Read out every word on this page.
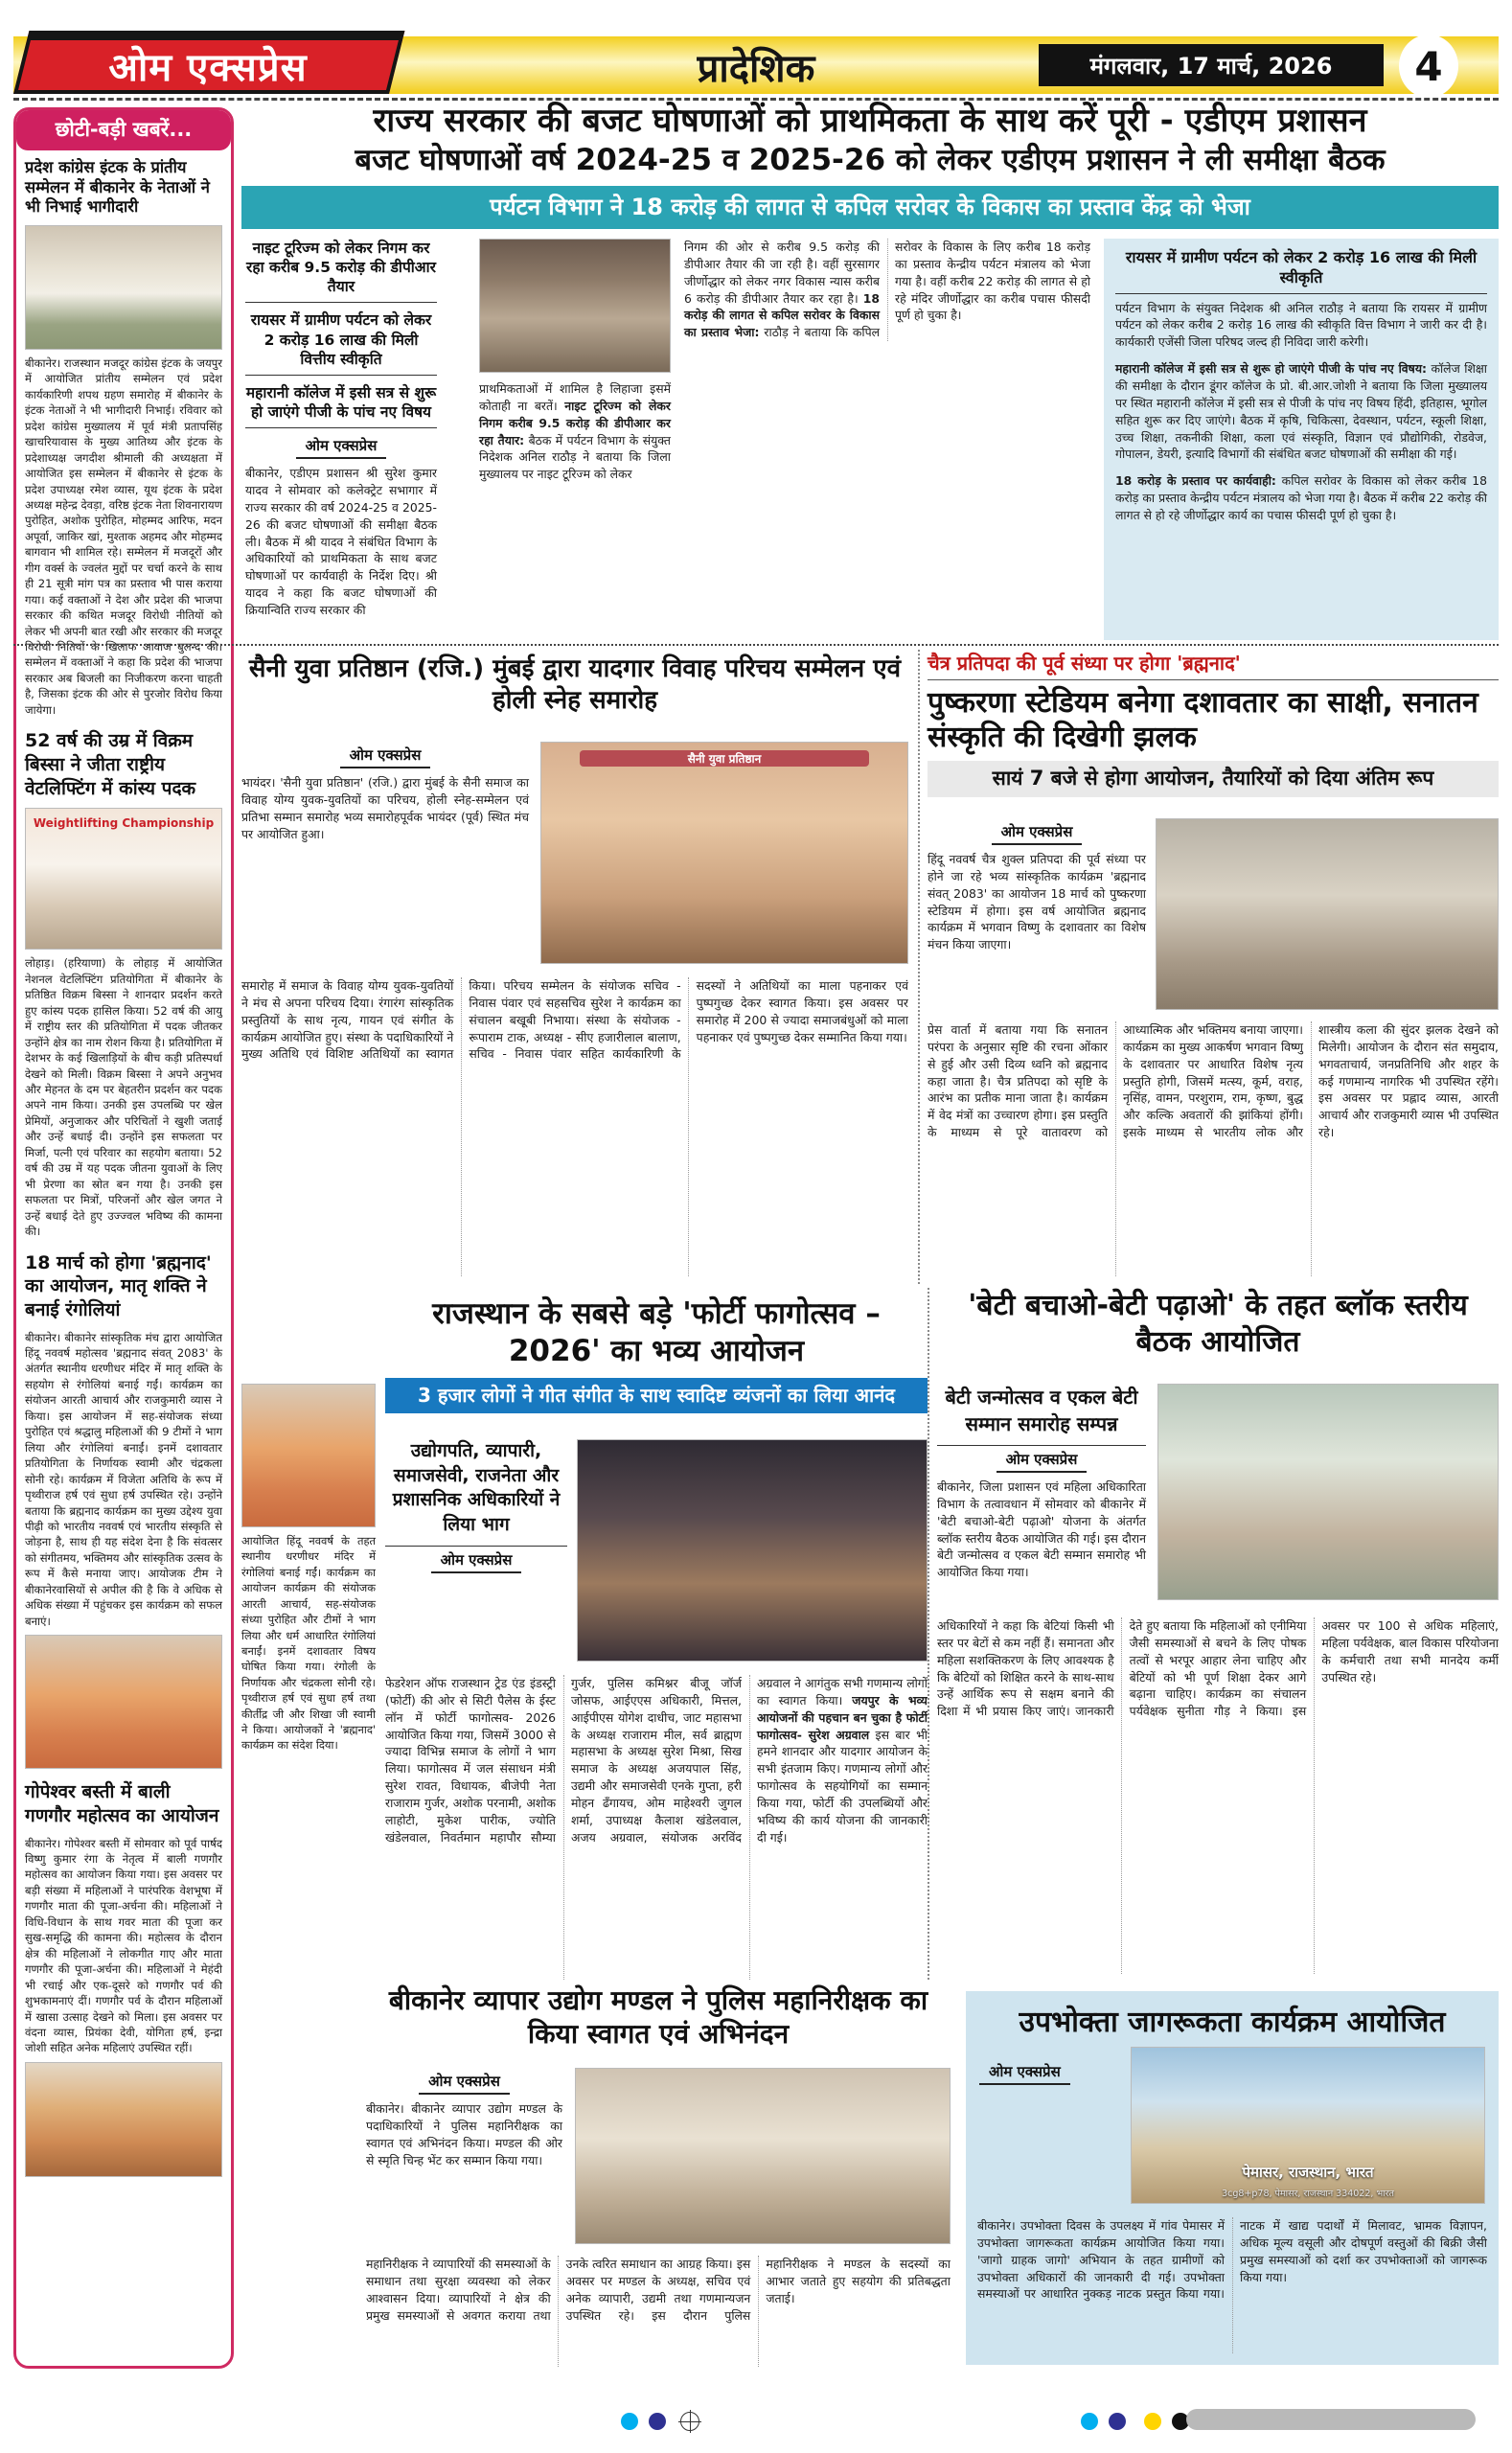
प्रादेशिक
ओम एक्सप्रेस	मंगलवार, 17 मार्च, 2026	4
छोटी-बड़ी खबरें...
प्रदेश कांग्रेस इंटक के प्रांतीय सम्मेलन में बीकानेर के नेताओं ने भी निभाई भागीदारी
बीकानेर। राजस्थान मजदूर कांग्रेस इंटक के जयपुर में आयोजित प्रांतीय सम्मेलन एवं प्रदेश कार्यकारिणी शपथ ग्रहण समारोह में बीकानेर के इंटक नेताओं ने भी भागीदारी निभाई। रविवार को प्रदेश कांग्रेस मुख्यालय में पूर्व मंत्री प्रतापसिंह खाचरियावास के मुख्य आतिथ्य और इंटक के प्रदेशाध्यक्ष जगदीश श्रीमाली की अध्यक्षता में आयोजित इस सम्मेलन में बीकानेर से इंटक के प्रदेश उपाध्यक्ष रमेश व्यास, यूथ इंटक के प्रदेश अध्यक्ष महेन्द्र देवड़ा, वरिष्ठ इंटक नेता शिवनारायण पुरोहित, अशोक पुरोहित, मोहम्मद आरिफ, मदन अपूर्वा, जाकिर खां, मुश्ताक अहमद और मोहम्मद बागवान भी शामिल रहे। सम्मेलन में मजदूरों और गीग वर्क्स के ज्वलंत मुद्दों पर चर्चा करने के साथ ही 21 सूत्री मांग पत्र का प्रस्ताव भी पास कराया गया। कई वक्ताओं ने देश और प्रदेश की भाजपा सरकार की कथित मजदूर विरोधी नीतियों को लेकर भी अपनी बात रखी और सरकार की मजदूर विरोधी नितियों के खिलाफ आवाज बुलन्द की। सम्मेलन में वक्ताओं ने कहा कि प्रदेश की भाजपा सरकार अब बिजली का निजीकरण करना चाहती है, जिसका इंटक की ओर से पुरजोर विरोध किया जायेगा।
52 वर्ष की उम्र में विक्रम बिस्सा ने जीता राष्ट्रीय वेटलिफ्टिंग में कांस्य पदक
Weightlifting Championship
लोहाड़। (हरियाणा) के लोहाड़ में आयोजित नेशनल वेटलिफ्टिंग प्रतियोगिता में बीकानेर के प्रतिष्ठित विक्रम बिस्सा ने शानदार प्रदर्शन करते हुए कांस्य पदक हासिल किया। 52 वर्ष की आयु में राष्ट्रीय स्तर की प्रतियोगिता में पदक जीतकर उन्होंने क्षेत्र का नाम रोशन किया है। प्रतियोगिता में देशभर के कई खिलाड़ियों के बीच कड़ी प्रतिस्पर्धा देखने को मिली। विक्रम बिस्सा ने अपने अनुभव और मेहनत के दम पर बेहतरीन प्रदर्शन कर पदक अपने नाम किया। उनकी इस उपलब्धि पर खेल प्रेमियों, अनुजाकर और परिचितों ने खुशी जताई और उन्हें बधाई दी। उन्होंने इस सफलता पर मिर्जा, पत्नी एवं परिवार का सहयोग बताया। 52 वर्ष की उम्र में यह पदक जीतना युवाओं के लिए भी प्रेरणा का स्रोत बन गया है। उनकी इस सफलता पर मित्रों, परिजनों और खेल जगत ने उन्हें बधाई देते हुए उज्ज्वल भविष्य की कामना की।
18 मार्च को होगा 'ब्रह्मनाद' का आयोजन, मातृ शक्ति ने बनाई रंगोलियां
बीकानेर। बीकानेर सांस्कृतिक मंच द्वारा आयोजित हिंदू नववर्ष महोत्सव 'ब्रह्मनाद संवत् 2083' के अंतर्गत स्थानीय धरणीधर मंदिर में मातृ शक्ति के सहयोग से रंगोलियां बनाई गईं। कार्यक्रम का संयोजन आरती आचार्य और राजकुमारी व्यास ने किया। इस आयोजन में सह-संयोजक संध्या पुरोहित एवं श्रद्धालु महिलाओं की 9 टीमों ने भाग लिया और रंगोलियां बनाईं। इनमें दशावतार प्रतियोगिता के निर्णायक स्वामी और चंद्रकला सोनी रहे। कार्यक्रम में विजेता अतिथि के रूप में पृथ्वीराज हर्ष एवं सुधा हर्ष उपस्थित रहे। उन्होंने बताया कि ब्रह्मनाद कार्यक्रम का मुख्य उद्देश्य युवा पीढ़ी को भारतीय नववर्ष एवं भारतीय संस्कृति से जोड़ना है, साथ ही यह संदेश देना है कि संवत्सर को संगीतमय, भक्तिमय और सांस्कृतिक उत्सव के रूप में कैसे मनाया जाए। आयोजक टीम ने बीकानेरवासियों से अपील की है कि वे अधिक से अधिक संख्या में पहुंचकर इस कार्यक्रम को सफल बनाएं।
गोपेश्वर बस्ती में बाली गणगौर महोत्सव का आयोजन
बीकानेर। गोपेश्वर बस्ती में सोमवार को पूर्व पार्षद विष्णु कुमार रंगा के नेतृत्व में बाली गणगौर महोत्सव का आयोजन किया गया। इस अवसर पर बड़ी संख्या में महिलाओं ने पारंपरिक वेशभूषा में गणगौर माता की पूजा-अर्चना की। महिलाओं ने विधि-विधान के साथ गवर माता की पूजा कर सुख-समृद्धि की कामना की। महोत्सव के दौरान क्षेत्र की महिलाओं ने लोकगीत गाए और माता गणगौर की पूजा-अर्चना की। महिलाओं ने मेहंदी भी रचाई और एक-दूसरे को गणगौर पर्व की शुभकामनाएं दीं। गणगौर पर्व के दौरान महिलाओं में खासा उत्साह देखने को मिला। इस अवसर पर वंदना व्यास, प्रियंका देवी, योगिता हर्ष, इन्द्रा जोशी सहित अनेक महिलाएं उपस्थित रहीं।
राज्य सरकार की बजट घोषणाओं को प्राथमिकता के साथ करें पूरी - एडीएम प्रशासन
बजट घोषणाओं वर्ष 2024-25 व 2025-26 को लेकर एडीएम प्रशासन ने ली समीक्षा बैठक
पर्यटन विभाग ने 18 करोड़ की लागत से कपिल सरोवर के विकास का प्रस्ताव केंद्र को भेजा
नाइट टूरिज्म को लेकर निगम कर रहा करीब 9.5 करोड़ की डीपीआर तैयार
रायसर में ग्रामीण पर्यटन को लेकर 2 करोड़ 16 लाख की मिली वित्तीय स्वीकृति
महारानी कॉलेज में इसी सत्र से शुरू हो जाएंगे पीजी के पांच नए विषय
ओम एक्सप्रेस

बीकानेर, एडीएम प्रशासन श्री सुरेश कुमार यादव ने सोमवार को कलेक्ट्रेट सभागार में राज्य सरकार की वर्ष 2024-25 व 2025-26 की बजट घोषणाओं की समीक्षा बैठक ली। बैठक में श्री यादव ने संबंधित विभाग के अधिकारियों को प्राथमिकता के साथ बजट घोषणाओं पर कार्यवाही के निर्देश दिए। श्री यादव ने कहा कि बजट घोषणाओं की क्रियान्विति राज्य सरकार की

प्राथमिकताओं में शामिल है लिहाजा इसमें कोताही ना बरतें। नाइट टूरिज्म को लेकर निगम करीब 9.5 करोड़ की डीपीआर कर रहा तैयार: बैठक में पर्यटन विभाग के संयुक्त निदेशक अनिल राठौड़ ने बताया कि जिला मुख्यालय पर नाइट टूरिज्म को लेकर

निगम की ओर से करीब 9.5 करोड़ की डीपीआर तैयार की जा रही है। वहीं सुरसागर जीर्णोद्धार को लेकर नगर विकास न्यास करीब 6 करोड़ की डीपीआर तैयार कर रहा है। 18 करोड़ की लागत से कपिल सरोवर के विकास का प्रस्ताव भेजा: राठौड़ ने बताया कि कपिल सरोवर के विकास के लिए करीब 18 करोड़ का प्रस्ताव केन्द्रीय पर्यटन मंत्रालय को भेजा गया है। वहीं करीब 22 करोड़ की लागत से हो रहे मंदिर जीर्णोद्धार का करीब पचास फीसदी पूर्ण हो चुका है।

रायसर में ग्रामीण पर्यटन को लेकर 2 करोड़ 16 लाख की मिली स्वीकृति

पर्यटन विभाग के संयुक्त निदेशक श्री अनिल राठौड़ ने बताया कि रायसर में ग्रामीण पर्यटन को लेकर करीब 2 करोड़ 16 लाख की स्वीकृति वित्त विभाग ने जारी कर दी है। कार्यकारी एजेंसी जिला परिषद जल्द ही निविदा जारी करेगी।

महारानी कॉलेज में इसी सत्र से शुरू हो जाएंगे पीजी के पांच नए विषय: कॉलेज शिक्षा की समीक्षा के दौरान डूंगर कॉलेज के प्रो. बी.आर.जोशी ने बताया कि जिला मुख्यालय पर स्थित महारानी कॉलेज में इसी सत्र से पीजी के पांच नए विषय हिंदी, इतिहास, भूगोल सहित शुरू कर दिए जाएंगे। बैठक में कृषि, चिकित्सा, देवस्थान, पर्यटन, स्कूली शिक्षा, उच्च शिक्षा, तकनीकी शिक्षा, कला एवं संस्कृति, विज्ञान एवं प्रौद्योगिकी, रोडवेज, गोपालन, डेयरी, इत्यादि विभागों की संबंधित बजट घोषणाओं की समीक्षा की गई।

18 करोड़ के प्रस्ताव पर कार्यवाही: कपिल सरोवर के विकास को लेकर करीब 18 करोड़ का प्रस्ताव केन्द्रीय पर्यटन मंत्रालय को भेजा गया है। बैठक में करीब 22 करोड़ की लागत से हो रहे जीर्णोद्धार कार्य का पचास फीसदी पूर्ण हो चुका है।

सैनी युवा प्रतिष्ठान (रजि.) मुंबई द्वारा यादगार विवाह परिचय सम्मेलन एवं होली स्नेह समारोह
ओम एक्सप्रेस

भायंदर। 'सैनी युवा प्रतिष्ठान' (रजि.) द्वारा मुंबई के सैनी समाज का विवाह योग्य युवक-युवतियों का परिचय, होली स्नेह-सम्मेलन एवं प्रतिभा सम्मान समारोह भव्य समारोहपूर्वक भायंदर (पूर्व) स्थित मंच पर आयोजित हुआ।

सैनी युवा प्रतिष्ठान

समारोह में समाज के विवाह योग्य युवक-युवतियों ने मंच से अपना परिचय दिया। रंगारंग सांस्कृतिक प्रस्तुतियों के साथ नृत्य, गायन एवं संगीत के कार्यक्रम आयोजित हुए। संस्था के पदाधिकारियों ने मुख्य अतिथि एवं विशिष्ट अतिथियों का स्वागत किया। परिचय सम्मेलन के संयोजक सचिव - निवास पंवार एवं सहसचिव सुरेश ने कार्यक्रम का संचालन बखूबी निभाया। संस्था के संयोजक - रूपाराम टाक, अध्यक्ष - सीए हजारीलाल बालाण, सचिव - निवास पंवार सहित कार्यकारिणी के सदस्यों ने अतिथियों का माला पहनाकर एवं पुष्पगुच्छ देकर स्वागत किया। इस अवसर पर समारोह में 200 से ज्यादा समाजबंधुओं को माला पहनाकर एवं पुष्पगुच्छ देकर सम्मानित किया गया।

चैत्र प्रतिपदा की पूर्व संध्या पर होगा 'ब्रह्मनाद'
पुष्करणा स्टेडियम बनेगा दशावतार का साक्षी, सनातन संस्कृति की दिखेगी झलक
सायं 7 बजे से होगा आयोजन, तैयारियों को दिया अंतिम रूप
ओम एक्सप्रेस

हिंदू नववर्ष चैत्र शुक्ल प्रतिपदा की पूर्व संध्या पर होने जा रहे भव्य सांस्कृतिक कार्यक्रम 'ब्रह्मनाद संवत् 2083' का आयोजन 18 मार्च को पुष्करणा स्टेडियम में होगा। इस वर्ष आयोजित ब्रह्मनाद कार्यक्रम में भगवान विष्णु के दशावतार का विशेष मंचन किया जाएगा।

प्रेस वार्ता में बताया गया कि सनातन परंपरा के अनुसार सृष्टि की रचना ओंकार से हुई और उसी दिव्य ध्वनि को ब्रह्मनाद कहा जाता है। चैत्र प्रतिपदा को सृष्टि के आरंभ का प्रतीक माना जाता है। कार्यक्रम में वेद मंत्रों का उच्चारण होगा। इस प्रस्तुति के माध्यम से पूरे वातावरण को आध्यात्मिक और भक्तिमय बनाया जाएगा। कार्यक्रम का मुख्य आकर्षण भगवान विष्णु के दशावतार पर आधारित विशेष नृत्य प्रस्तुति होगी, जिसमें मत्स्य, कूर्म, वराह, नृसिंह, वामन, परशुराम, राम, कृष्ण, बुद्ध और कल्कि अवतारों की झांकियां होंगी। इसके माध्यम से भारतीय लोक और शास्त्रीय कला की सुंदर झलक देखने को मिलेगी। आयोजन के दौरान संत समुदाय, भगवताचार्य, जनप्रतिनिधि और शहर के कई गणमान्य नागरिक भी उपस्थित रहेंगे। इस अवसर पर प्रह्लाद व्यास, आरती आचार्य और राजकुमारी व्यास भी उपस्थित रहे।

आयोजित हिंदू नववर्ष के तहत स्थानीय धरणीधर मंदिर में रंगोलियां बनाई गईं। कार्यक्रम का आयोजन कार्यक्रम की संयोजक आरती आचार्य, सह-संयोजक संध्या पुरोहित और टीमों ने भाग लिया और धर्म आधारित रंगोलियां बनाईं। इनमें दशावतार विषय घोषित किया गया। रंगोली के निर्णायक और चंद्रकला सोनी रहे। पृथ्वीराज हर्ष एवं सुधा हर्ष तथा कीर्तीद्र जी और शिखा जी स्वामी ने किया। आयोजकों ने 'ब्रह्मनाद' कार्यक्रम का संदेश दिया।

राजस्थान के सबसे बड़े 'फोर्टी फागोत्सव – 2026' का भव्य आयोजन
3 हजार लोगों ने गीत संगीत के साथ स्वादिष्ट व्यंजनों का लिया आनंद
उद्योगपति, व्यापारी, समाजसेवी, राजनेता और प्रशासनिक अधिकारियों ने लिया भाग
ओम एक्सप्रेस

फेडरेशन ऑफ राजस्थान ट्रेड एंड इंडस्ट्री (फोर्टी) की ओर से सिटी पैलेस के ईस्ट लॉन में फोर्टी फागोत्सव- 2026 आयोजित किया गया, जिसमें 3000 से ज्यादा विभिन्न समाज के लोगों ने भाग लिया। फागोत्सव में जल संसाधन मंत्री सुरेश रावत, विधायक, बीजेपी नेता राजाराम गुर्जर, अशोक परनामी, अशोक लाहोटी, मुकेश पारीक, ज्योति खंडेलवाल, निवर्तमान महापौर सौम्या गुर्जर, पुलिस कमिश्नर बीजू जॉर्ज जोसफ, आईएएस अधिकारी, मित्तल, आईपीएस योगेश दाधीच, जाट महासभा के अध्यक्ष राजाराम मील, सर्व ब्राह्मण महासभा के अध्यक्ष सुरेश मिश्रा, सिख समाज के अध्यक्ष अजयपाल सिंह, उद्यमी और समाजसेवी एनके गुप्ता, हरी मोहन ढँगायच, ओम माहेश्वरी जुगल शर्मा, उपाध्यक्ष कैलाश खंडेलवाल, अजय अग्रवाल, संयोजक अरविंद अग्रवाल ने आगंतुक सभी गणमान्य लोगों का स्वागत किया। जयपुर के भव्य आयोजनों की पहचान बन चुका है फोर्टी फागोत्सव- सुरेश अग्रवाल इस बार भी हमने शानदार और यादगार आयोजन के सभी इंतजाम किए। गणमान्य लोगों और फागोत्सव के सहयोगियों का सम्मान किया गया, फोर्टी की उपलब्धियों और भविष्य की कार्य योजना की जानकारी दी गई।

'बेटी बचाओ-बेटी पढ़ाओ' के तहत ब्लॉक स्तरीय बैठक आयोजित
बेटी जन्मोत्सव व एकल बेटी सम्मान समारोह सम्पन्न
ओम एक्सप्रेस

बीकानेर, जिला प्रशासन एवं महिला अधिकारिता विभाग के तत्वावधान में सोमवार को बीकानेर में 'बेटी बचाओ-बेटी पढ़ाओ' योजना के अंतर्गत ब्लॉक स्तरीय बैठक आयोजित की गई। इस दौरान बेटी जन्मोत्सव व एकल बेटी सम्मान समारोह भी आयोजित किया गया।

अधिकारियों ने कहा कि बेटियां किसी भी स्तर पर बेटों से कम नहीं हैं। समानता और महिला सशक्तिकरण के लिए आवश्यक है कि बेटियों को शिक्षित करने के साथ-साथ उन्हें आर्थिक रूप से सक्षम बनाने की दिशा में भी प्रयास किए जाएं। जानकारी देते हुए बताया कि महिलाओं को एनीमिया जैसी समस्याओं से बचने के लिए पोषक तत्वों से भरपूर आहार लेना चाहिए और बेटियों को भी पूर्ण शिक्षा देकर आगे बढ़ाना चाहिए। कार्यक्रम का संचालन पर्यवेक्षक सुनीता गौड़ ने किया। इस अवसर पर 100 से अधिक महिलाएं, महिला पर्यवेक्षक, बाल विकास परियोजना के कर्मचारी तथा सभी मानदेय कर्मी उपस्थित रहे।

बीकानेर व्यापार उद्योग मण्डल ने पुलिस महानिरीक्षक का किया स्वागत एवं अभिनंदन
ओम एक्सप्रेस

बीकानेर। बीकानेर व्यापार उद्योग मण्डल के पदाधिकारियों ने पुलिस महानिरीक्षक का स्वागत एवं अभिनंदन किया। मण्डल की ओर से स्मृति चिन्ह भेंट कर सम्मान किया गया।

महानिरीक्षक ने व्यापारियों की समस्याओं के समाधान तथा सुरक्षा व्यवस्था को लेकर आश्वासन दिया। व्यापारियों ने क्षेत्र की प्रमुख समस्याओं से अवगत कराया तथा उनके त्वरित समाधान का आग्रह किया। इस अवसर पर मण्डल के अध्यक्ष, सचिव एवं अनेक व्यापारी, उद्यमी तथा गणमान्यजन उपस्थित रहे। इस दौरान पुलिस महानिरीक्षक ने मण्डल के सदस्यों का आभार जताते हुए सहयोग की प्रतिबद्धता जताई।

उपभोक्ता जागरूकता कार्यक्रम आयोजित
ओम एक्सप्रेस
पेमासर, राजस्थान, भारत
3cg8+p78, पेमासर, राजस्थान 334022, भारत

बीकानेर। उपभोक्ता दिवस के उपलक्ष्य में गांव पेमासर में उपभोक्ता जागरूकता कार्यक्रम आयोजित किया गया। 'जागो ग्राहक जागो' अभियान के तहत ग्रामीणों को उपभोक्ता अधिकारों की जानकारी दी गई। उपभोक्ता समस्याओं पर आधारित नुक्कड़ नाटक प्रस्तुत किया गया। नाटक में खाद्य पदार्थों में मिलावट, भ्रामक विज्ञापन, अधिक मूल्य वसूली और दोषपूर्ण वस्तुओं की बिक्री जैसी प्रमुख समस्याओं को दर्शा कर उपभोक्ताओं को जागरूक किया गया।
